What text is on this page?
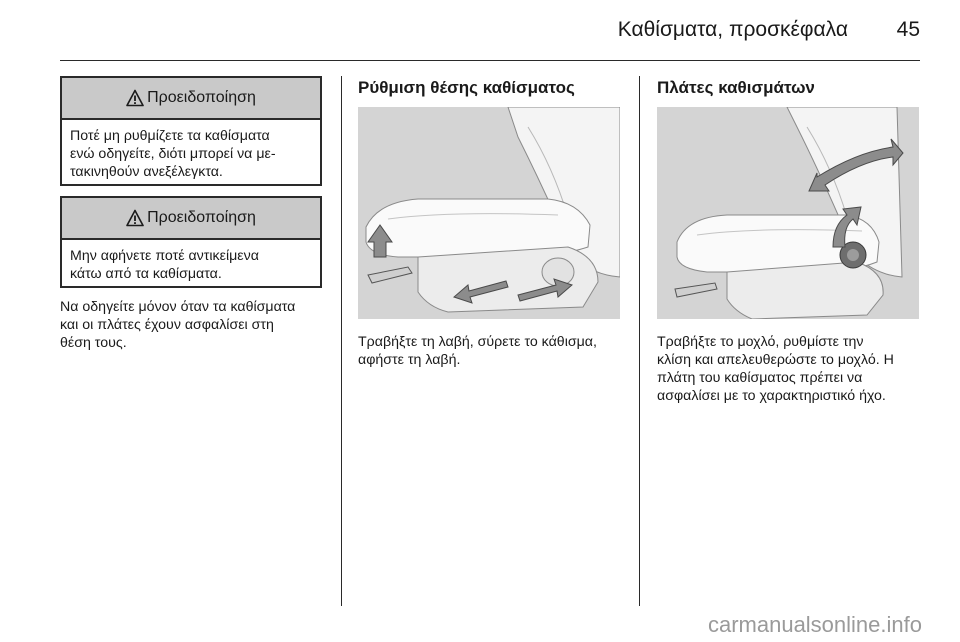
Καθίσματα, προσκέφαλα 45
Προειδοποίηση
Ποτέ μη ρυθμίζετε τα καθίσματα
ενώ οδηγείτε, διότι μπορεί να με-
τακινηθούν ανεξέλεγκτα.
Προειδοποίηση
Μην αφήνετε ποτέ αντικείμενα
κάτω από τα καθίσματα.
Να οδηγείτε μόνον όταν τα καθίσματα
και οι πλάτες έχουν ασφαλίσει στη
θέση τους.
Ρύθμιση θέσης καθίσματος
Τραβήξτε τη λαβή, σύρετε το κάθισμα,
αφήστε τη λαβή.
Πλάτες καθισμάτων
Τραβήξτε το μοχλό, ρυθμίστε την
κλίση και απελευθερώστε το μοχλό. Η
πλάτη του καθίσματος πρέπει να
ασφαλίσει με το χαρακτηριστικό ήχο.
carmanualsonline.info
